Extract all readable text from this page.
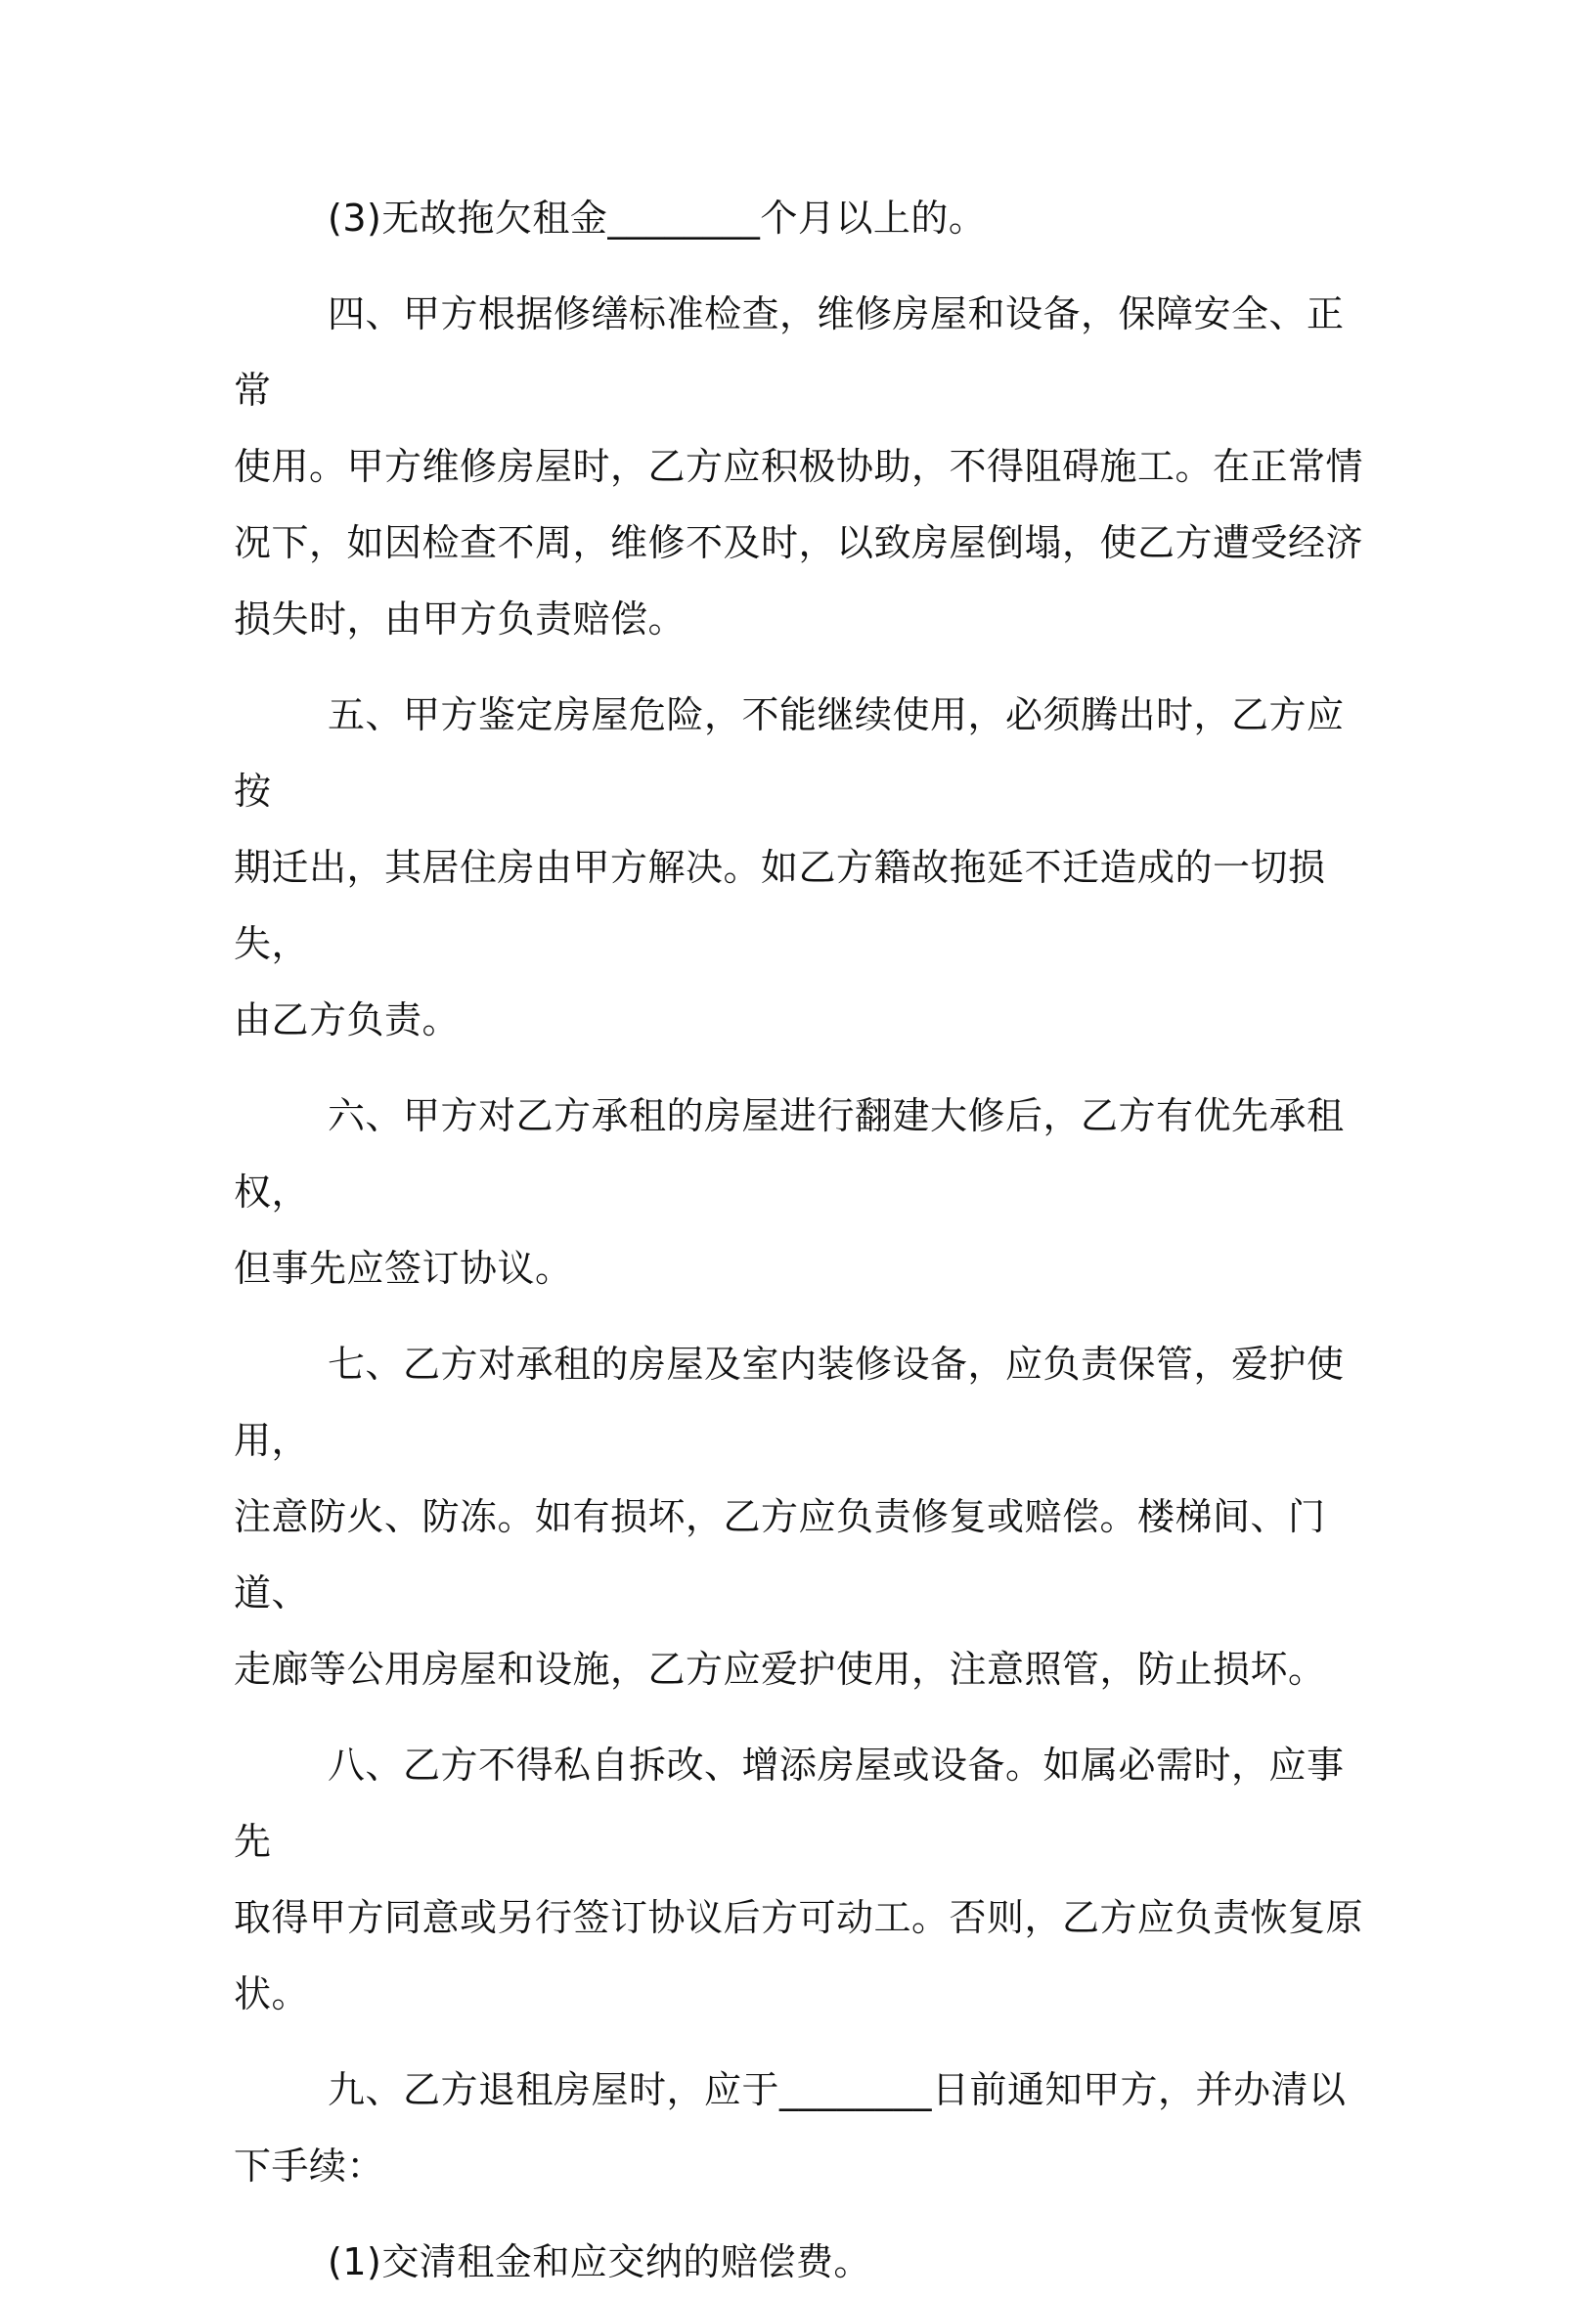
(3)无故拖欠租金________个月以上的。

四、甲方根据修缮标准检查，维修房屋和设备，保障安全、正常
使用。甲方维修房屋时，乙方应积极协助，不得阻碍施工。在正常情
况下，如因检查不周，维修不及时，以致房屋倒塌，使乙方遭受经济
损失时，由甲方负责赔偿。

五、甲方鉴定房屋危险，不能继续使用，必须腾出时，乙方应按
期迁出，其居住房由甲方解决。如乙方籍故拖延不迁造成的一切损失，
由乙方负责。

六、甲方对乙方承租的房屋进行翻建大修后，乙方有优先承租权，
但事先应签订协议。

七、乙方对承租的房屋及室内装修设备，应负责保管，爱护使用，
注意防火、防冻。如有损坏，乙方应负责修复或赔偿。楼梯间、门道、
走廊等公用房屋和设施，乙方应爱护使用，注意照管，防止损坏。

八、乙方不得私自拆改、增添房屋或设备。如属必需时，应事先
取得甲方同意或另行签订协议后方可动工。否则，乙方应负责恢复原
状。

九、乙方退租房屋时，应于________日前通知甲方，并办清以
下手续：

(1)交清租金和应交纳的赔偿费。
